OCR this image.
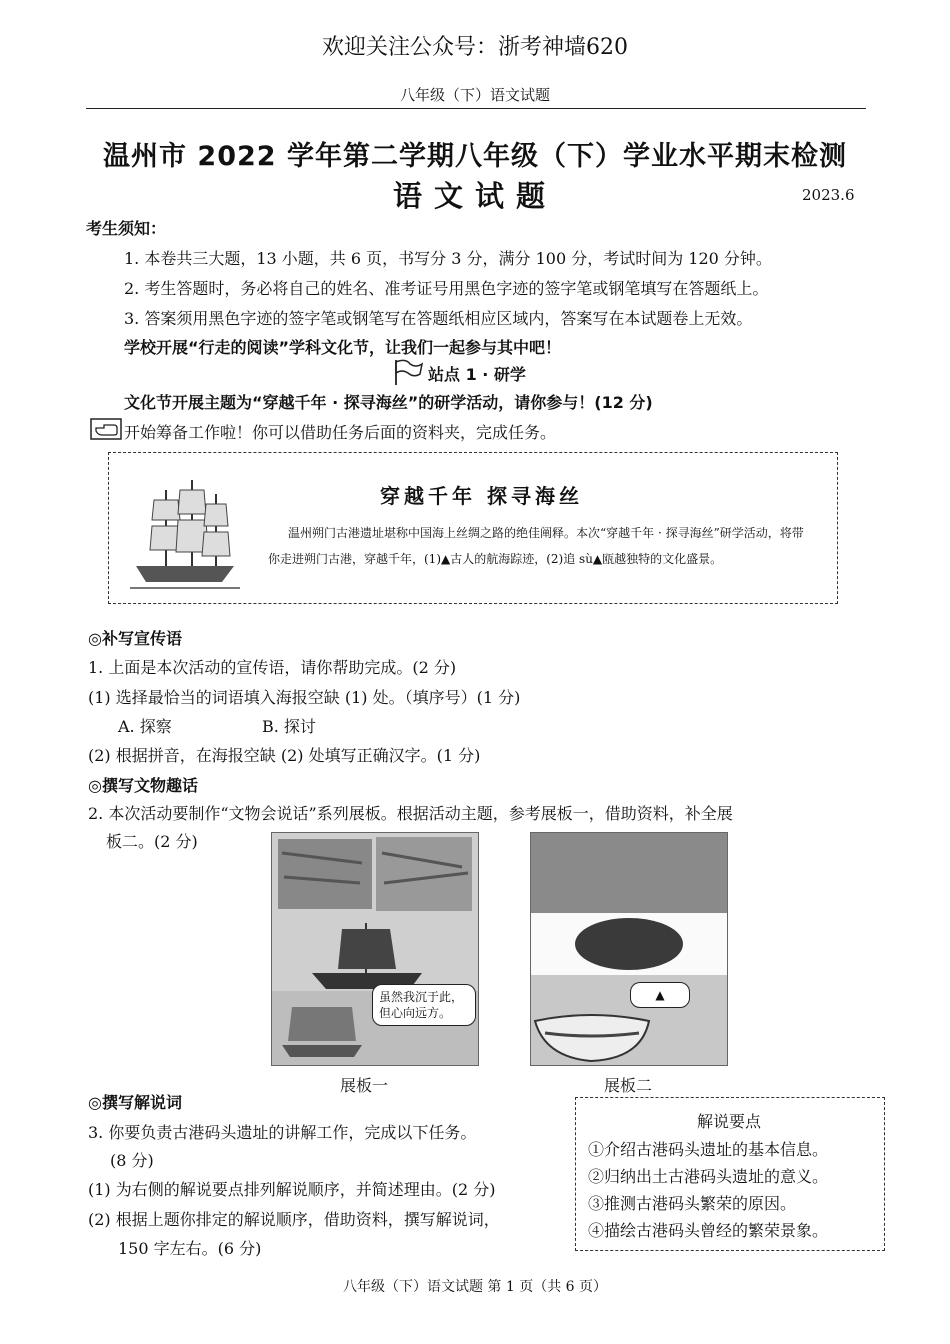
欢迎关注公众号：浙考神墙620
八年级（下）语文试题
温州市 2022 学年第二学期八年级（下）学业水平期末检测
语文试题	2023.6
考生须知：
1. 本卷共三大题，13 小题，共 6 页，书写分 3 分，满分 100 分，考试时间为 120 分钟。
2. 考生答题时，务必将自己的姓名、准考证号用黑色字迹的签字笔或钢笔填写在答题纸上。
3. 答案须用黑色字迹的签字笔或钢笔写在答题纸相应区域内，答案写在本试题卷上无效。
学校开展“行走的阅读”学科文化节，让我们一起参与其中吧！
站点 1 · 研学
文化节开展主题为“穿越千年 · 探寻海丝”的研学活动，请你参与！(12 分)
开始筹备工作啦！你可以借助任务后面的资料夹，完成任务。
穿越千年 探寻海丝
温州朔门古港遗址堪称中国海上丝绸之路的绝佳阐释。本次“穿越千年 · 探寻海丝”研学活动，将带你走进朔门古港，穿越千年，(1)▲古人的航海踪迹，(2)追 sù▲瓯越独特的文化盛景。
◎补写宣传语
1. 上面是本次活动的宣传语，请你帮助完成。(2 分)
(1) 选择最恰当的词语填入海报空缺 (1) 处。（填序号）(1 分)
A. 探察	B. 探讨
(2) 根据拼音，在海报空缺 (2) 处填写正确汉字。(1 分)
◎撰写文物趣话
2. 本次活动要制作“文物会说话”系列展板。根据活动主题，参考展板一，借助资料，补全展
板二。(2 分)
虽然我沉于此，但心向远方。
▲
展板一	展板二
◎撰写解说词
3. 你要负责古港码头遗址的讲解工作，完成以下任务。
(8 分)
(1) 为右侧的解说要点排列解说顺序，并简述理由。(2 分)
(2) 根据上题你排定的解说顺序，借助资料，撰写解说词，
150 字左右。(6 分)
解说要点
①介绍古港码头遗址的基本信息。
②归纳出土古港码头遗址的意义。
③推测古港码头繁荣的原因。
④描绘古港码头曾经的繁荣景象。
八年级（下）语文试题 第 1 页（共 6 页）
